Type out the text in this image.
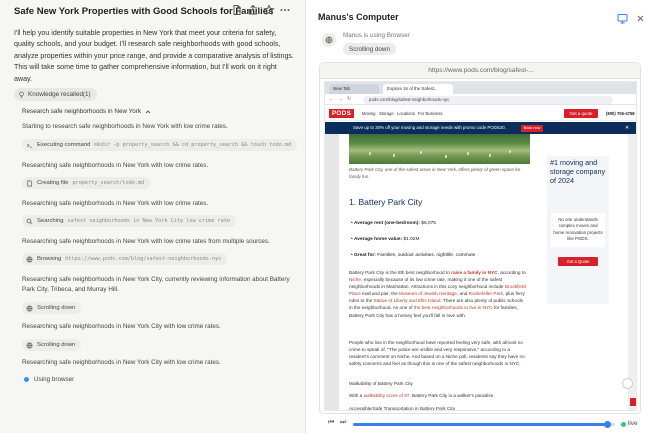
Safe New York Properties with Good Schools for Families
I'll help you identify suitable properties in New York that meet your criteria for safety, quality schools, and your budget. I'll research safe neighborhoods with good schools, analyze properties within your price range, and provide a comparative analysis of listings. This will take some time to gather comprehensive information, but I'll work on it right away.
Knowledge recalled(1)
Research safe neighborhoods in New York
Starting to research safe neighborhoods in New York with low crime rates.
Executing command mkdir -p property_search && cd property_search && touch todo.md
Researching safe neighborhoods in New York with low crime rates.
Creating file property_search/todo.md
Researching safe neighborhoods in New York with low crime rates.
Searching safest neighborhoods in New York City low crime rate
Researching safe neighborhoods in New York with low crime rates from multiple sources.
Browsing https://www.pods.com/blog/safest-neighborhoods-nyc
Researching safe neighborhoods in New York City, currently reviewing information about Battery Park City, Tribeca, and Murray Hill.
Scrolling down
Researching safe neighborhoods in New York City with low crime rates.
Scrolling down
Researching safe neighborhoods in New York City with low crime rates.
Using browser
Manus's Computer
Manus is using Browser
Scrolling down
https://www.pods.com/blog/safest-...
New Tab	Explore 16 of the Safest...
← → ↻	pods.com/blog/safest-neighborhoods-nyc
PODS	Moving Storage Locations For Business	Get a quote	(800) 706-4758
Save up to 20% off your moving and storage needs with promo code PODS20.	Book now	✕
Battery Park City, one of the safest areas in New York, offers plenty of green space for family fun.
1. Battery Park City
• Average rent (one-bedroom): $6,075
• Average home value: $1.02M
• Great for: Families, outdoor activities, nightlife, commute
Battery Park City is the 8th best neighborhood to raise a family in NYC, according to Niche, especially because of its low crime rate, making it one of the safest neighborhoods in Manhattan. Attractions in this cozy neighborhood include Brookfield Place mall and pier, the Museum of Jewish Heritage, and Rockefeller Park, plus ferry rides to the Statue of Liberty and Ellis Island. There are also plenty of public schools in the neighborhood. As one of the best neighborhoods to live in NYC for families, Battery Park City has a homey feel you'll fall in love with.
People who live in the neighborhood have reported feeling very safe, with almost no crime to speak of. "The police are visible and very responsive," according to a resident's comment on Niche. And based on a Niche poll, residents say they have no safety concerns and feel as though this is one of the safest neighborhoods in NYC.
Walkability of Battery Park City
With a walkability score of 97, Battery Park City is a walker's paradise.
Accessible/Safe Transportation in Battery Park City
#1 moving and storage company of 2024
No one understands complex moves and home renovation projects like PODS.
Get a Quote
⏮ ⏭	live
